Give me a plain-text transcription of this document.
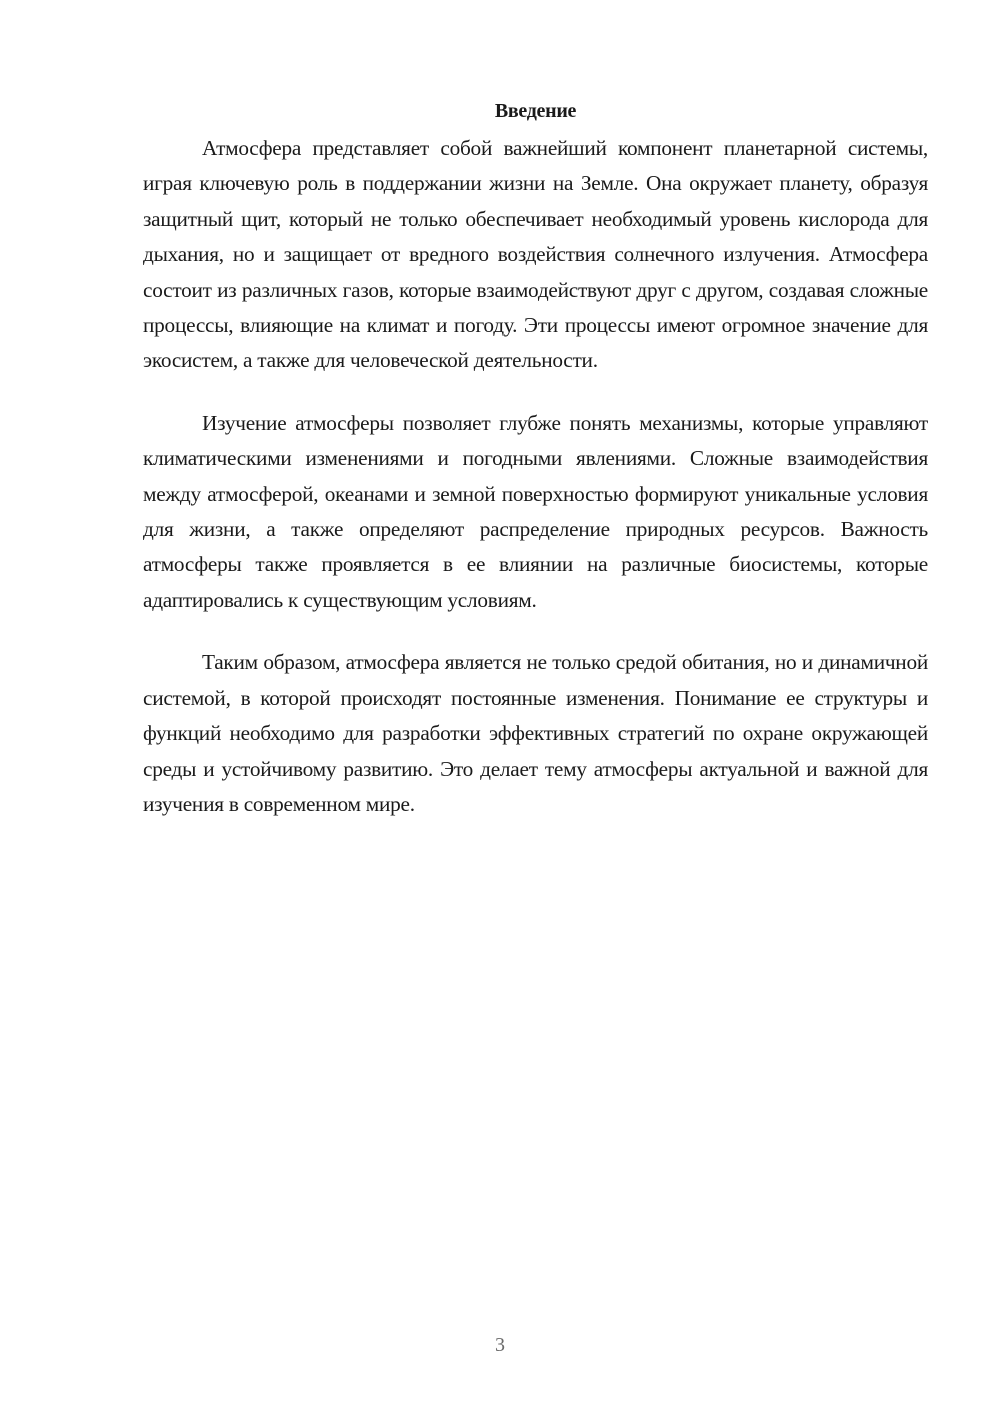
Введение

Атмосфера представляет собой важнейший компонент планетарной системы, играя ключевую роль в поддержании жизни на Земле. Она окружает планету, образуя защитный щит, который не только обеспечивает необходимый уровень кислорода для дыхания, но и защищает от вредного воздействия солнечного излучения. Атмосфера состоит из различных газов, которые взаимодействуют друг с другом, создавая сложные процессы, влияющие на климат и погоду. Эти процессы имеют огромное значение для экосистем, а также для человеческой деятельности.

Изучение атмосферы позволяет глубже понять механизмы, которые управляют климатическими изменениями и погодными явлениями. Сложные взаимодействия между атмосферой, океанами и земной поверхностью формируют уникальные условия для жизни, а также определяют распределение природных ресурсов. Важность атмосферы также проявляется в ее влиянии на различные биосистемы, которые адаптировались к существующим условиям.

Таким образом, атмосфера является не только средой обитания, но и динамичной системой, в которой происходят постоянные изменения. Понимание ее структуры и функций необходимо для разработки эффективных стратегий по охране окружающей среды и устойчивому развитию. Это делает тему атмосферы актуальной и важной для изучения в современном мире.

3
